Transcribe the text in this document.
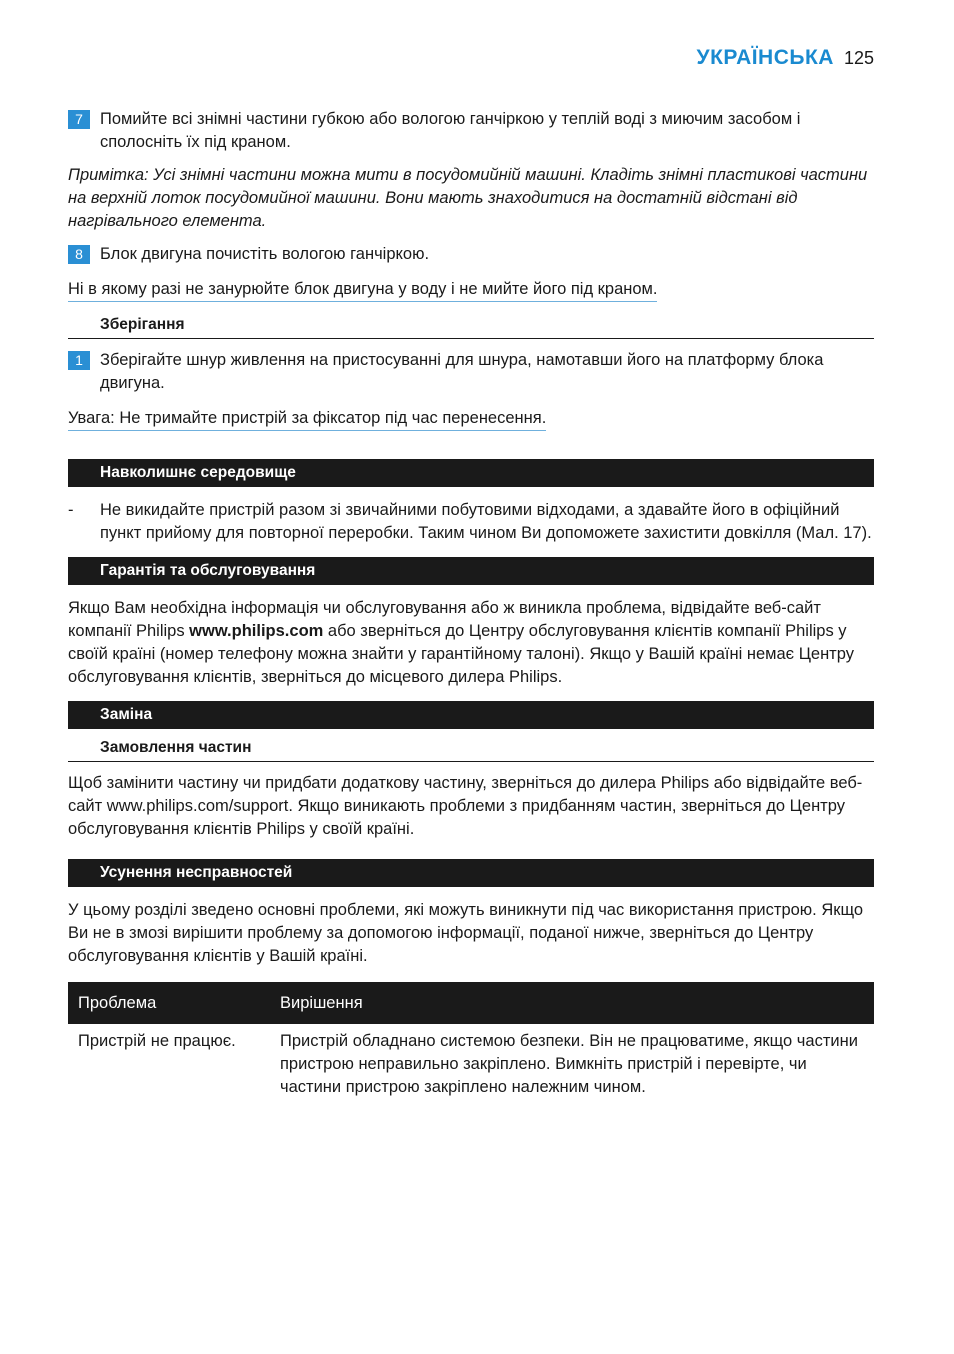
УКРАЇНСЬКА 125
7	Помийте всі знімні частини губкою або вологою ганчіркою у теплій воді з миючим засобом і сполосніть їх під краном.

Примітка: Усі знімні частини можна мити в посудомийній машині. Кладіть знімні пластикові частини на верхній лоток посудомийної машини. Вони мають знаходитися на достатній відстані від нагрівального елемента.

8	Блок двигуна почистіть вологою ганчіркою.
Ні в якому разі не занурюйте блок двигуна у воду і не мийте його під краном.
Зберігання
1	Зберігайте шнур живлення на пристосуванні для шнура, намотавши його на платформу блока двигуна.
Увага: Не тримайте пристрій за фіксатор під час перенесення.
Навколишнє середовище
-	Не викидайте пристрій разом зі звичайними побутовими відходами, а здавайте його в офіційний пункт прийому для повторної переробки. Таким чином Ви допоможете захистити довкілля (Мал. 17).
Гарантія та обслуговування

Якщо Вам необхідна інформація чи обслуговування або ж виникла проблема, відвідайте веб-сайт компанії Philips www.philips.com або зверніться до Центру обслуговування клієнтів компанії Philips у своїй країні (номер телефону можна знайти у гарантійному талоні). Якщо у Вашій країні немає Центру обслуговування клієнтів, зверніться до місцевого дилера Philips.

Заміна
Замовлення частин

Щоб замінити частину чи придбати додаткову частину, зверніться до дилера Philips або відвідайте веб-сайт www.philips.com/support. Якщо виникають проблеми з придбанням частин, зверніться до Центру обслуговування клієнтів Philips у своїй країні.

Усунення несправностей

У цьому розділі зведено основні проблеми, які можуть виникнути під час використання пристрою. Якщо Ви не в змозі вирішити проблему за допомогою інформації, поданої нижче, зверніться до Центру обслуговування клієнтів у Вашій країні.

Проблема	Вирішення
Пристрій не працює.	Пристрій обладнано системою безпеки. Він не працюватиме, якщо частини пристрою неправильно закріплено. Вимкніть пристрій і перевірте, чи частини пристрою закріплено належним чином.
